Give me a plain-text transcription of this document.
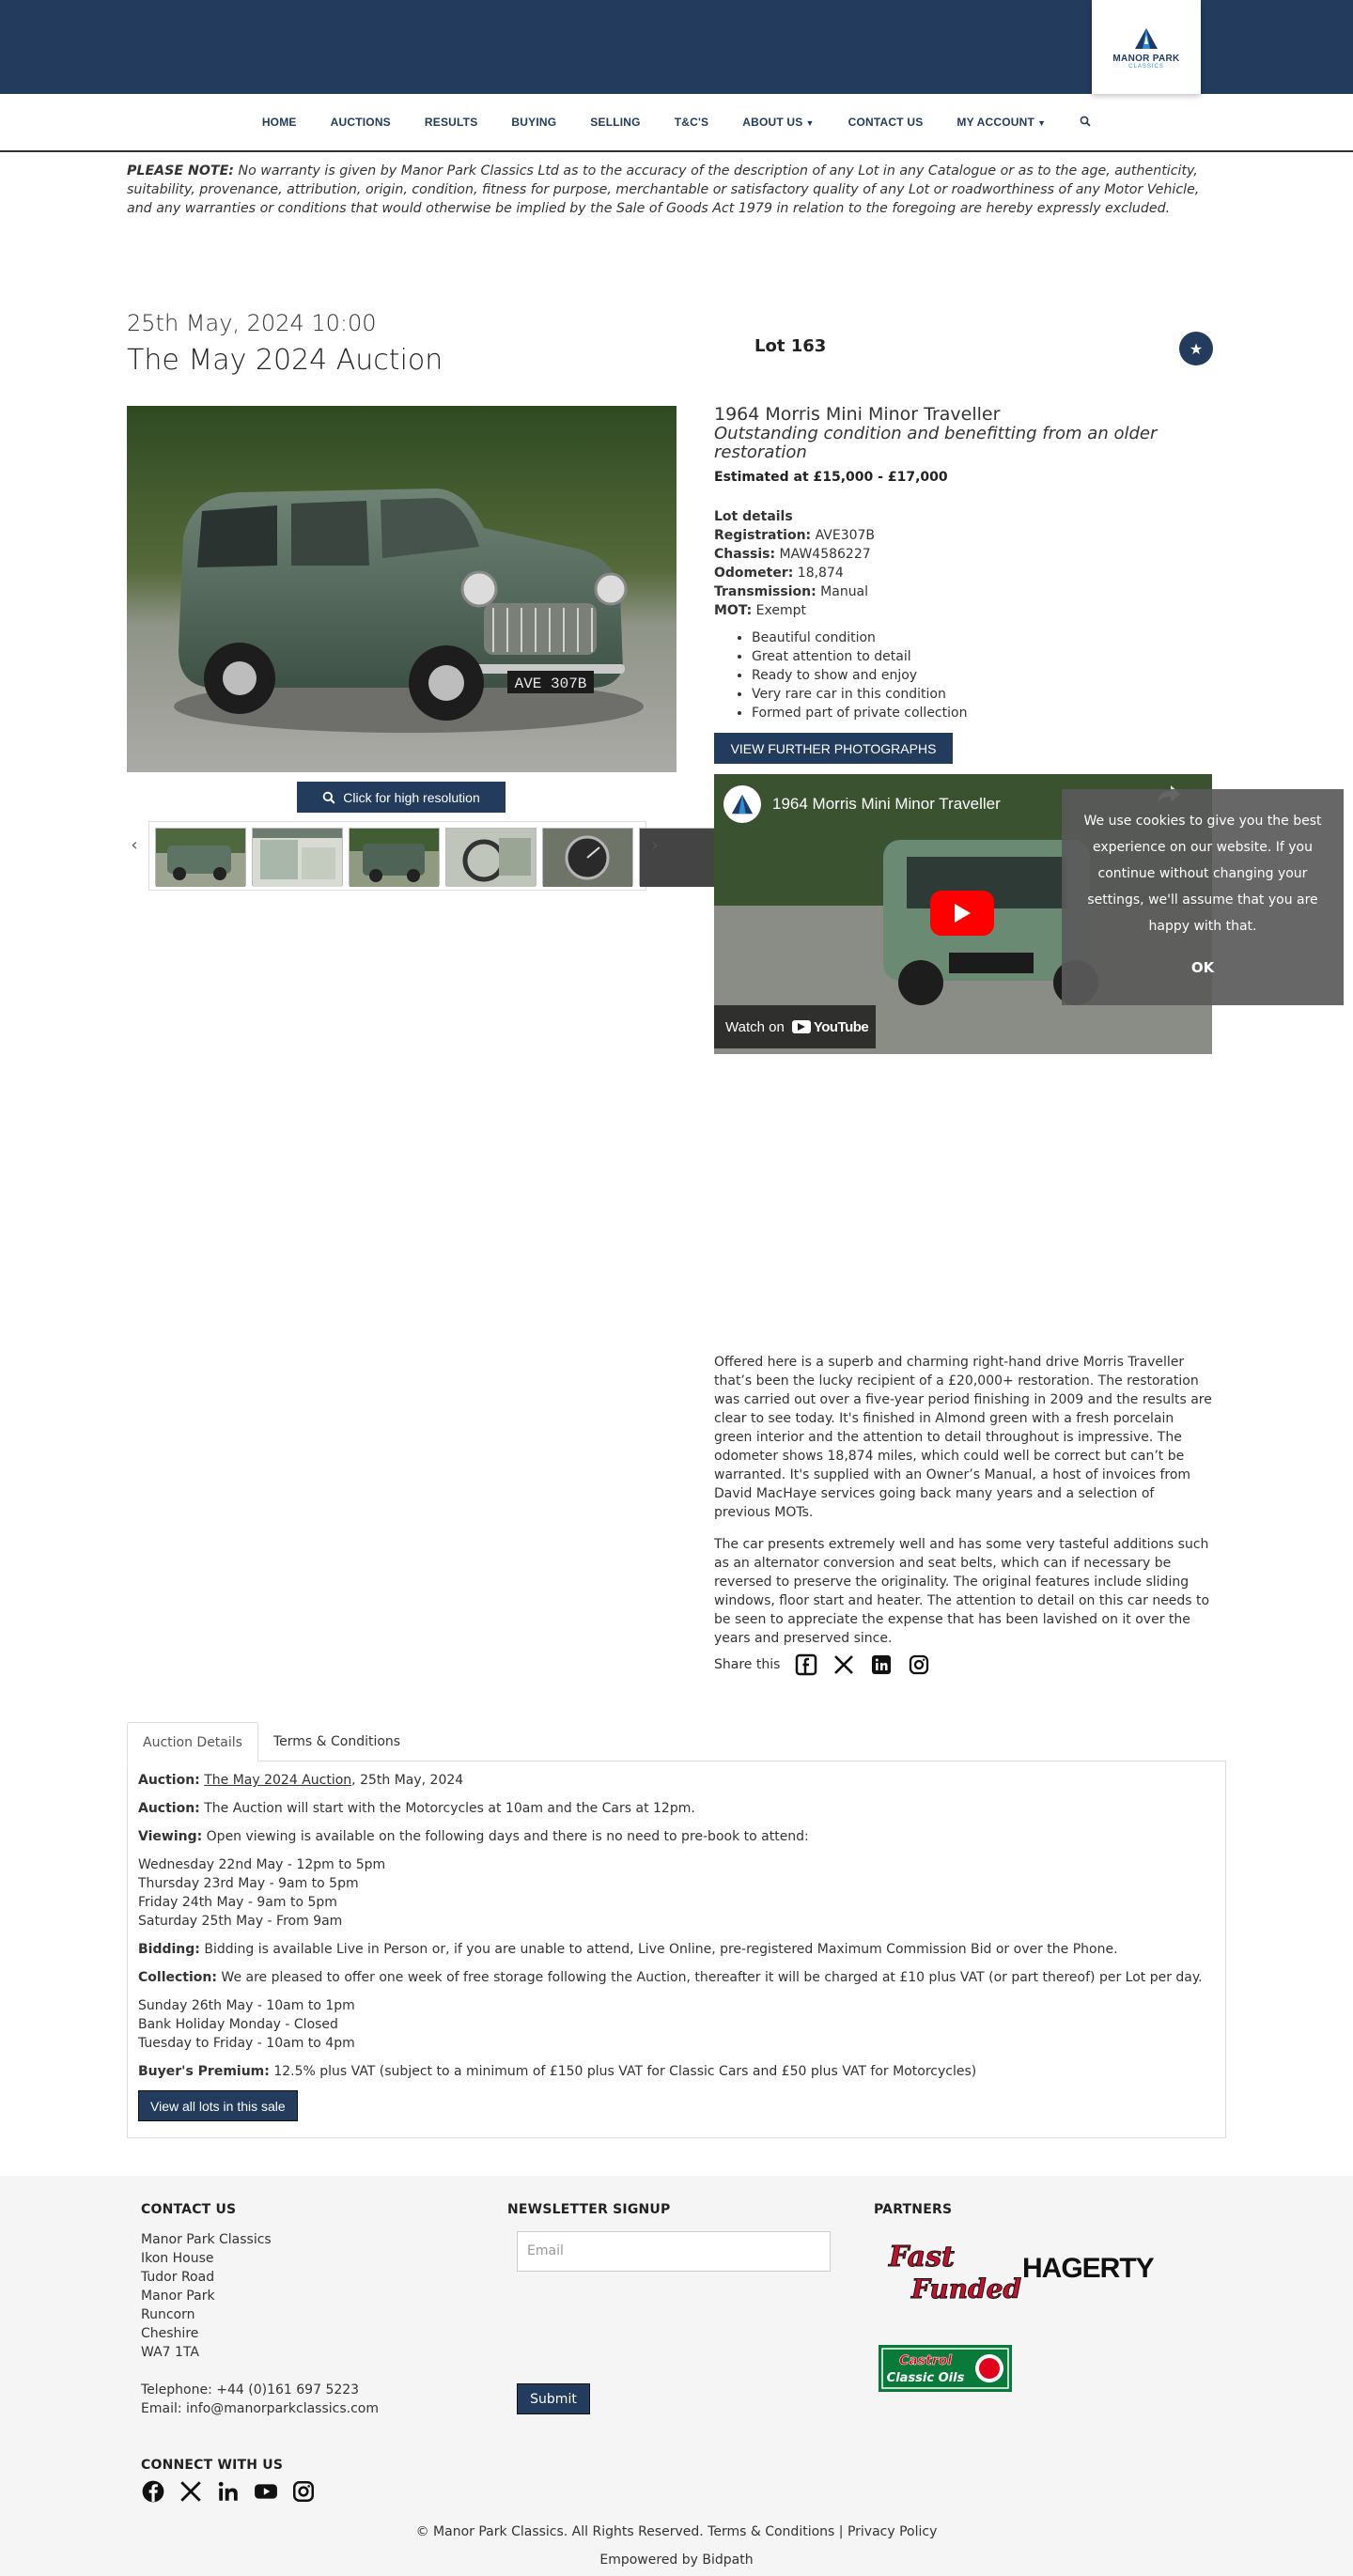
MANOR PARK
CLASSICS
HOME	AUCTIONS	RESULTS	BUYING	SELLING	T&C'S	ABOUT US ▼	CONTACT US	MY ACCOUNT ▼

PLEASE NOTE: No warranty is given by Manor Park Classics Ltd as to the accuracy of the description of any Lot in any Catalogue or as to the age, authenticity, suitability, provenance, attribution, origin, condition, fitness for purpose, merchantable or satisfactory quality of any Lot or roadworthiness of any Motor Vehicle, and any warranties or conditions that would otherwise be implied by the Sale of Goods Act 1979 in relation to the foregoing are hereby expressly excluded.

25th May, 2024 10:00
The May 2024 Auction	Lot 163	★
AVE 307B
Click for high resolution
‹	›
1964 Morris Mini Minor Traveller
Outstanding condition and benefitting from an older restoration
Estimated at £15,000 - £17,000
Lot details
Registration: AVE307B
Chassis: MAW4586227
Odometer: 18,874
Transmission: Manual
MOT: Exempt
• Beautiful condition
• Great attention to detail
• Ready to show and enjoy
• Very rare car in this condition
• Formed part of private collection
VIEW FURTHER PHOTOGRAPHS
1964 Morris Mini Minor Traveller
Watch on YouTube
We use cookies to give you the best experience on our website. If you continue without changing your settings, we'll assume that you are happy with that.
OK

Offered here is a superb and charming right-hand drive Morris Traveller that’s been the lucky recipient of a £20,000+ restoration. The restoration was carried out over a five-year period finishing in 2009 and the results are clear to see today. It's finished in Almond green with a fresh porcelain green interior and the attention to detail throughout is impressive. The odometer shows 18,874 miles, which could well be correct but can’t be warranted. It's supplied with an Owner’s Manual, a host of invoices from David MacHaye services going back many years and a selection of previous MOTs.

The car presents extremely well and has some very tasteful additions such as an alternator conversion and seat belts, which can if necessary be reversed to preserve the originality. The original features include sliding windows, floor start and heater. The attention to detail on this car needs to be seen to appreciate the expense that has been lavished on it over the years and preserved since.

Share this
Auction Details	Terms & Conditions

Auction: The May 2024 Auction, 25th May, 2024

Auction: The Auction will start with the Motorcycles at 10am and the Cars at 12pm.

Viewing: Open viewing is available on the following days and there is no need to pre-book to attend:

Wednesday 22nd May - 12pm to 5pm
Thursday 23rd May - 9am to 5pm
Friday 24th May - 9am to 5pm
Saturday 25th May - From 9am

Bidding: Bidding is available Live in Person or, if you are unable to attend, Live Online, pre-registered Maximum Commission Bid or over the Phone.

Collection: We are pleased to offer one week of free storage following the Auction, thereafter it will be charged at £10 plus VAT (or part thereof) per Lot per day.

Sunday 26th May - 10am to 1pm
Bank Holiday Monday - Closed
Tuesday to Friday - 10am to 4pm

Buyer's Premium: 12.5% plus VAT (subject to a minimum of £150 plus VAT for Classic Cars and £50 plus VAT for Motorcycles)

View all lots in this sale
CONTACT US
Manor Park Classics
Ikon House
Tudor Road
Manor Park
Runcorn
Cheshire
WA7 1TA
Telephone: +44 (0)161 697 5223
Email: info@manorparkclassics.com
NEWSLETTER SIGNUP
Email
Submit
PARTNERS
Fast
Funded
HAGERTY
Castrol
Classic Oils
CONNECT WITH US
© Manor Park Classics. All Rights Reserved. Terms & Conditions | Privacy Policy
Empowered by Bidpath
